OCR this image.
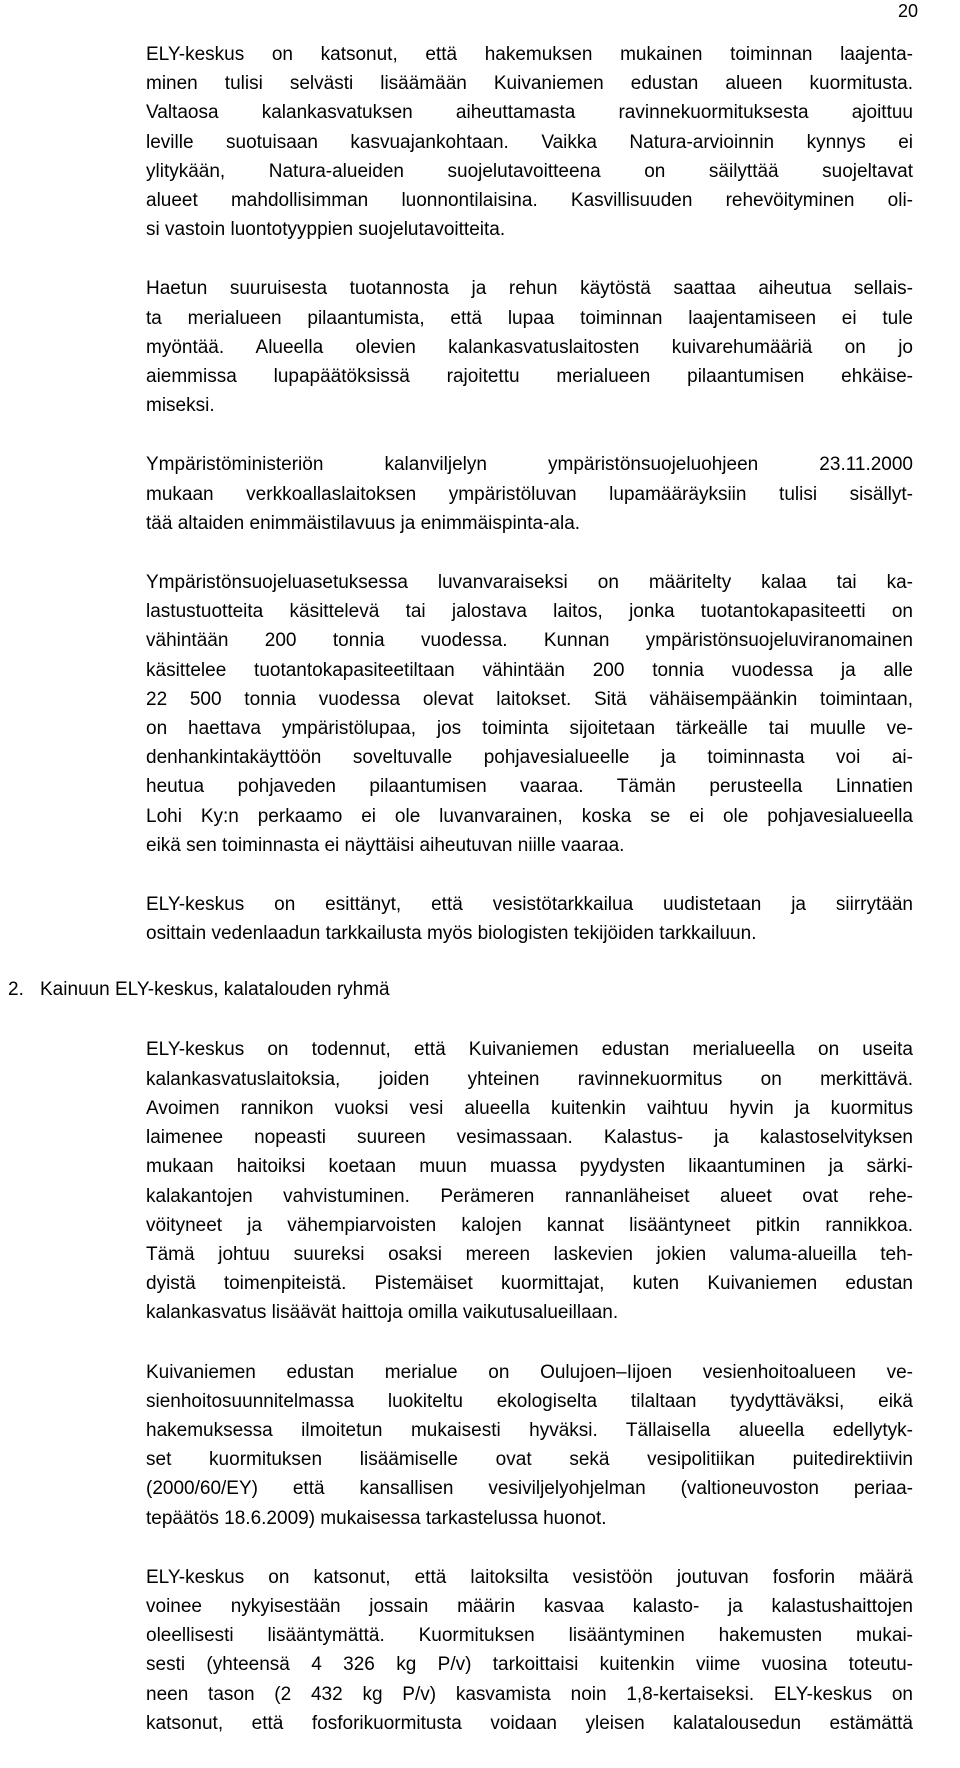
20
ELY-keskus on katsonut, että hakemuksen mukainen toiminnan laajenta-
minen tulisi selvästi lisäämään Kuivaniemen edustan alueen kuormitusta.
Valtaosa kalankasvatuksen aiheuttamasta ravinnekuormituksesta ajoittuu
leville suotuisaan kasvuajankohtaan. Vaikka Natura-arvioinnin kynnys ei
ylitykään, Natura-alueiden suojelutavoitteena on säilyttää suojeltavat
alueet mahdollisimman luonnontilaisina. Kasvillisuuden rehevöityminen oli-
si vastoin luontotyyppien suojelutavoitteita.
Haetun suuruisesta tuotannosta ja rehun käytöstä saattaa aiheutua sellais-
ta merialueen pilaantumista, että lupaa toiminnan laajentamiseen ei tule
myöntää. Alueella olevien kalankasvatuslaitosten kuivarehumääriä on jo
aiemmissa lupapäätöksissä rajoitettu merialueen pilaantumisen ehkäise-
miseksi.
Ympäristöministeriön kalanviljelyn ympäristönsuojeluohjeen 23.11.2000
mukaan verkkoallaslaitoksen ympäristöluvan lupamääräyksiin tulisi sisällyt-
tää altaiden enimmäistilavuus ja enimmäispinta-ala.
Ympäristönsuojeluasetuksessa luvanvaraiseksi on määritelty kalaa tai ka-
lastustuotteita käsittelevä tai jalostava laitos, jonka tuotantokapasiteetti on
vähintään 200 tonnia vuodessa. Kunnan ympäristönsuojeluviranomainen
käsittelee tuotantokapasiteetiltaan vähintään 200 tonnia vuodessa ja alle
22 500 tonnia vuodessa olevat laitokset. Sitä vähäisempäänkin toimintaan,
on haettava ympäristölupaa, jos toiminta sijoitetaan tärkeälle tai muulle ve-
denhankintakäyttöön soveltuvalle pohjavesialueelle ja toiminnasta voi ai-
heutua pohjaveden pilaantumisen vaaraa. Tämän perusteella Linnatien
Lohi Ky:n perkaamo ei ole luvanvarainen, koska se ei ole pohjavesialueella
eikä sen toiminnasta ei näyttäisi aiheutuvan niille vaaraa.
ELY-keskus on esittänyt, että vesistötarkkailua uudistetaan ja siirrytään
osittain vedenlaadun tarkkailusta myös biologisten tekijöiden tarkkailuun.
2. Kainuun ELY-keskus, kalatalouden ryhmä
ELY-keskus on todennut, että Kuivaniemen edustan merialueella on useita
kalankasvatuslaitoksia, joiden yhteinen ravinnekuormitus on merkittävä.
Avoimen rannikon vuoksi vesi alueella kuitenkin vaihtuu hyvin ja kuormitus
laimenee nopeasti suureen vesimassaan. Kalastus- ja kalastoselvityksen
mukaan haitoiksi koetaan muun muassa pyydysten likaantuminen ja särki-
kalakantojen vahvistuminen. Perämeren rannanläheiset alueet ovat rehe-
vöityneet ja vähempiarvoisten kalojen kannat lisääntyneet pitkin rannikkoa.
Tämä johtuu suureksi osaksi mereen laskevien jokien valuma-alueilla teh-
dyistä toimenpiteistä. Pistemäiset kuormittajat, kuten Kuivaniemen edustan
kalankasvatus lisäävät haittoja omilla vaikutusalueillaan.
Kuivaniemen edustan merialue on Oulujoen–Iijoen vesienhoitoalueen ve-
sienhoitosuunnitelmassa luokiteltu ekologiselta tilaltaan tyydyttäväksi, eikä
hakemuksessa ilmoitetun mukaisesti hyväksi. Tällaisella alueella edellytyk-
set kuormituksen lisäämiselle ovat sekä vesipolitiikan puitedirektiivin
(2000/60/EY) että kansallisen vesiviljelyohjelman (valtioneuvoston periaa-
tepäätös 18.6.2009) mukaisessa tarkastelussa huonot.
ELY-keskus on katsonut, että laitoksilta vesistöön joutuvan fosforin määrä
voinee nykyisestään jossain määrin kasvaa kalasto- ja kalastushaittojen
oleellisesti lisääntymättä. Kuormituksen lisääntyminen hakemusten mukai-
sesti (yhteensä 4 326 kg P/v) tarkoittaisi kuitenkin viime vuosina toteutu-
neen tason (2 432 kg P/v) kasvamista noin 1,8-kertaiseksi. ELY-keskus on
katsonut, että fosforikuormitusta voidaan yleisen kalatalousedun estämättä
